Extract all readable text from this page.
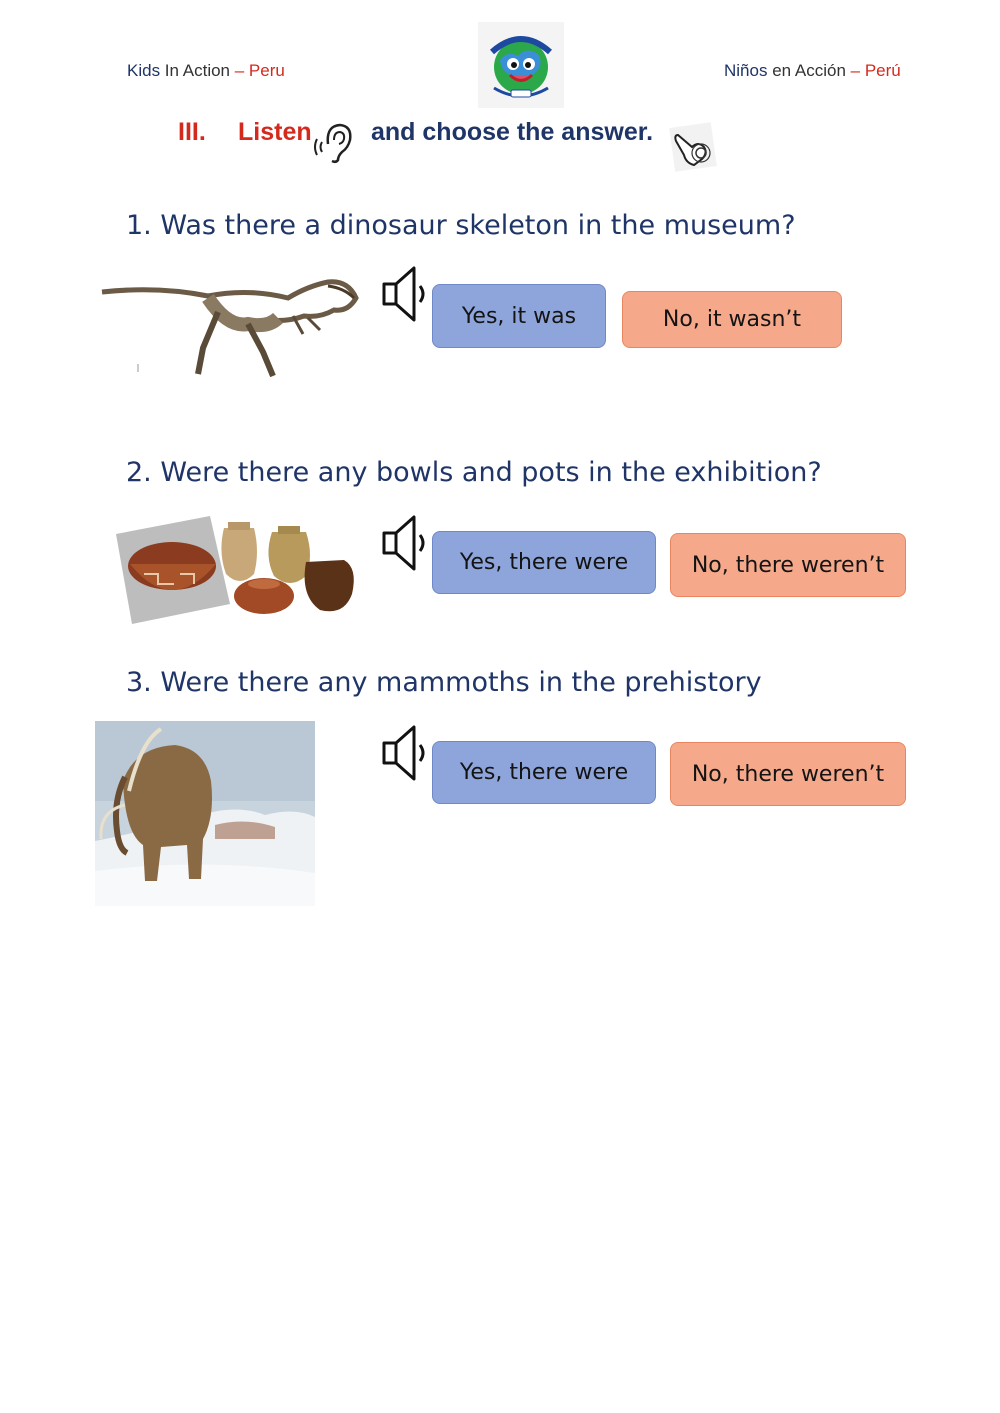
Kids In Action – Peru	Niños en Acción – Perú
III. Listen and choose the answer.
1. Was there a dinosaur skeleton in the museum?
Yes, it was	No, it wasn’t
2. Were there any bowls and pots in the exhibition?
Yes, there were	No, there weren’t
3. Were there any mammoths in the prehistory
Yes, there were	No, there weren’t
